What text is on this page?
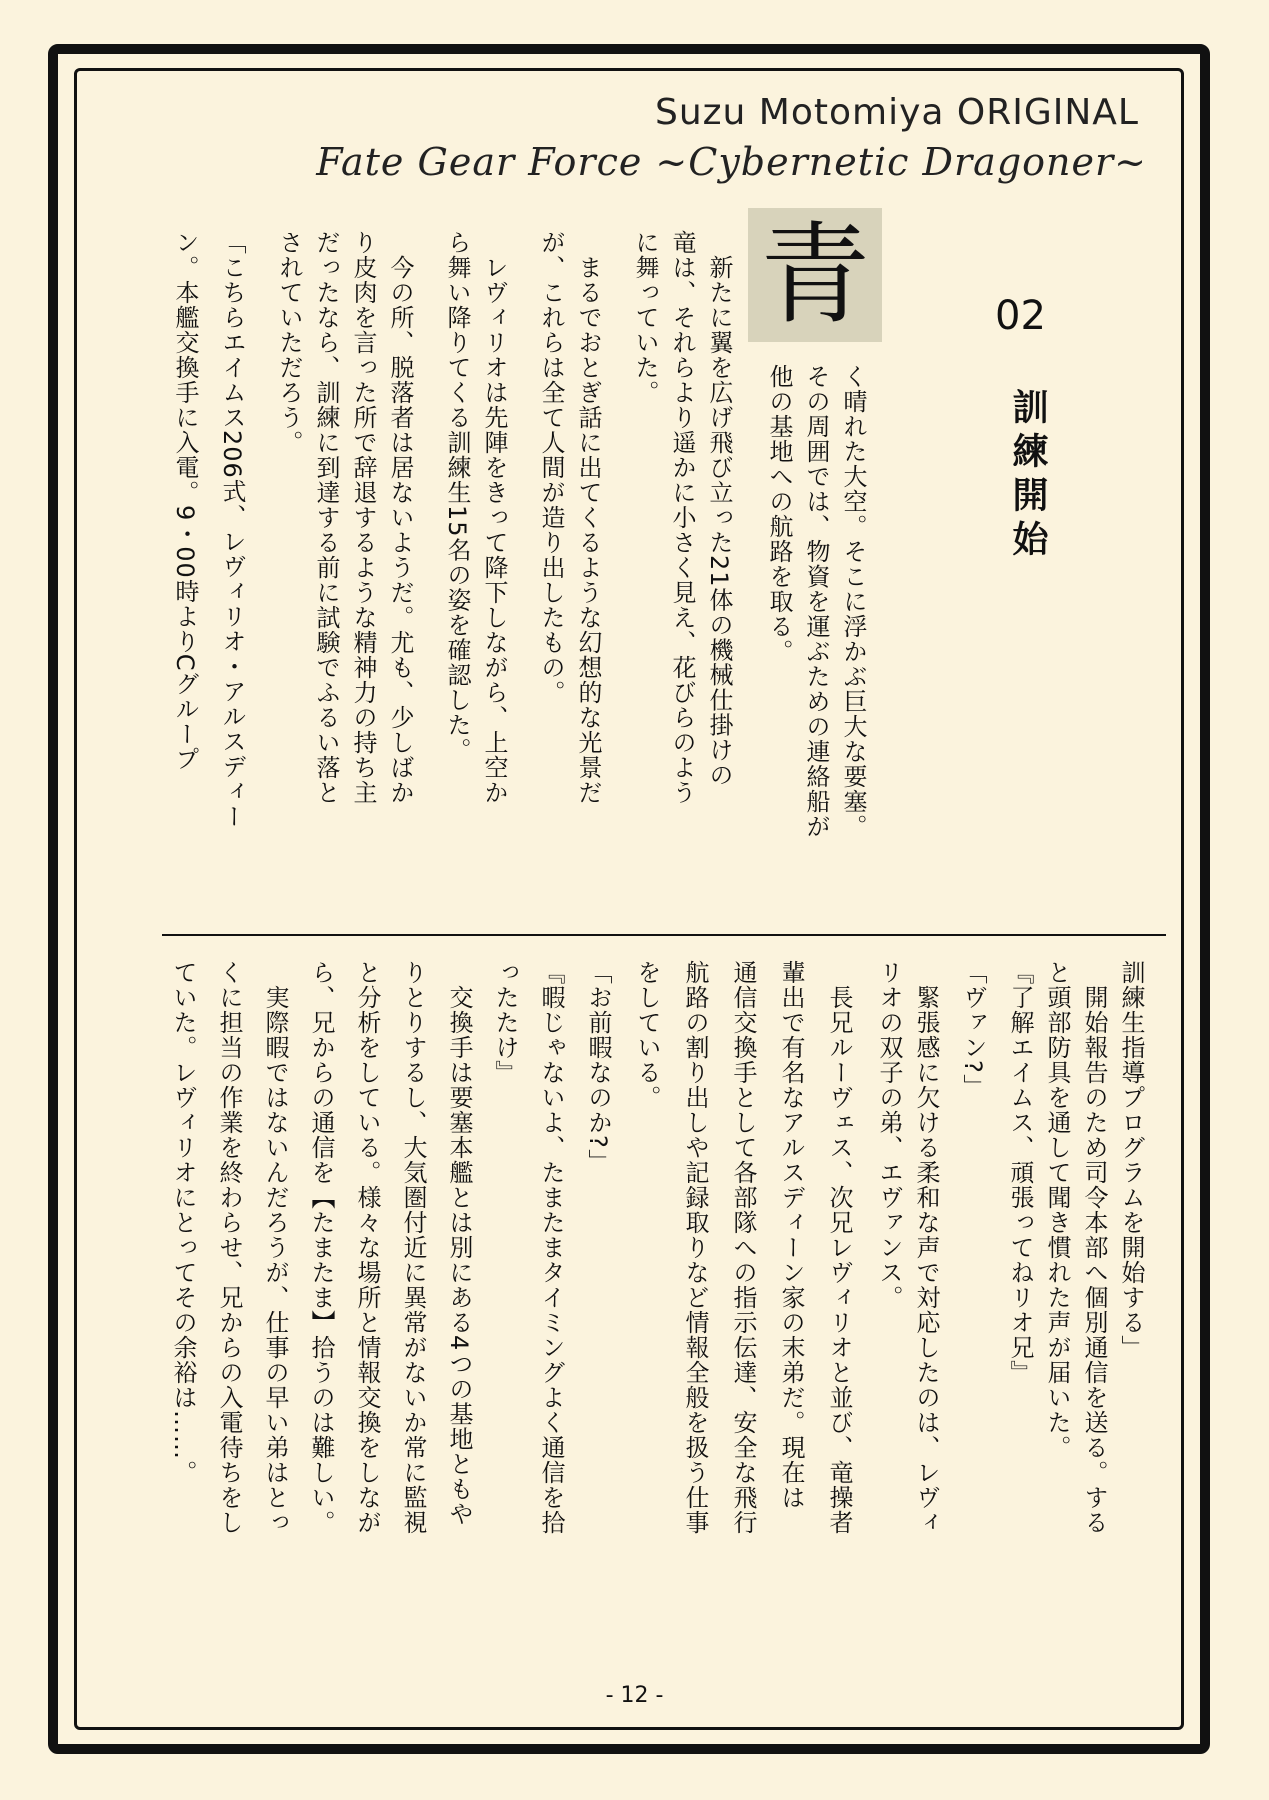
Suzu Motomiya ORIGINAL
Fate Gear Force ~Cybernetic Dragoner~
02
訓練開始
青
く晴れた大空。そこに浮かぶ巨大な要塞。
その周囲では、物資を運ぶための連絡船が
他の基地への航路を取る。
　新たに翼を広げ飛び立った21体の機械仕掛けの
竜は、それらより遥かに小さく見え、花びらのよう
に舞っていた。
　まるでおとぎ話に出てくるような幻想的な光景だ
が、これらは全て人間が造り出したもの。
　レヴィリオは先陣をきって降下しながら、上空か
ら舞い降りてくる訓練生15名の姿を確認した。
　今の所、脱落者は居ないようだ。尤も、少しばか
り皮肉を言った所で辞退するような精神力の持ち主
だったなら、訓練に到達する前に試験でふるい落と
されていただろう。
「こちらエイムス206式、レヴィリオ・アルスディー
ン。本艦交換手に入電。9・00時よりCグループ
訓練生指導プログラムを開始する」
　開始報告のため司令本部へ個別通信を送る。する
と頭部防具を通して聞き慣れた声が届いた。
『了解エイムス、頑張ってねリオ兄』
「ヴァン?」
　緊張感に欠ける柔和な声で対応したのは、レヴィ
リオの双子の弟、エヴァンス。
　長兄ルーヴェス、次兄レヴィリオと並び、竜操者
輩出で有名なアルスディーン家の末弟だ。現在は
通信交換手として各部隊への指示伝達、安全な飛行
航路の割り出しや記録取りなど情報全般を扱う仕事
をしている。
「お前暇なのか?」
『暇じゃないよ、たまたまタイミングよく通信を拾
ったたけ』
　交換手は要塞本艦とは別にある4つの基地ともや
りとりするし、大気圏付近に異常がないか常に監視
と分析をしている。様々な場所と情報交換をしなが
ら、兄からの通信を【たまたま】拾うのは難しい。
　実際暇ではないんだろうが、仕事の早い弟はとっ
くに担当の作業を終わらせ、兄からの入電待ちをし
ていた。レヴィリオにとってその余裕は……。
- 12 -
